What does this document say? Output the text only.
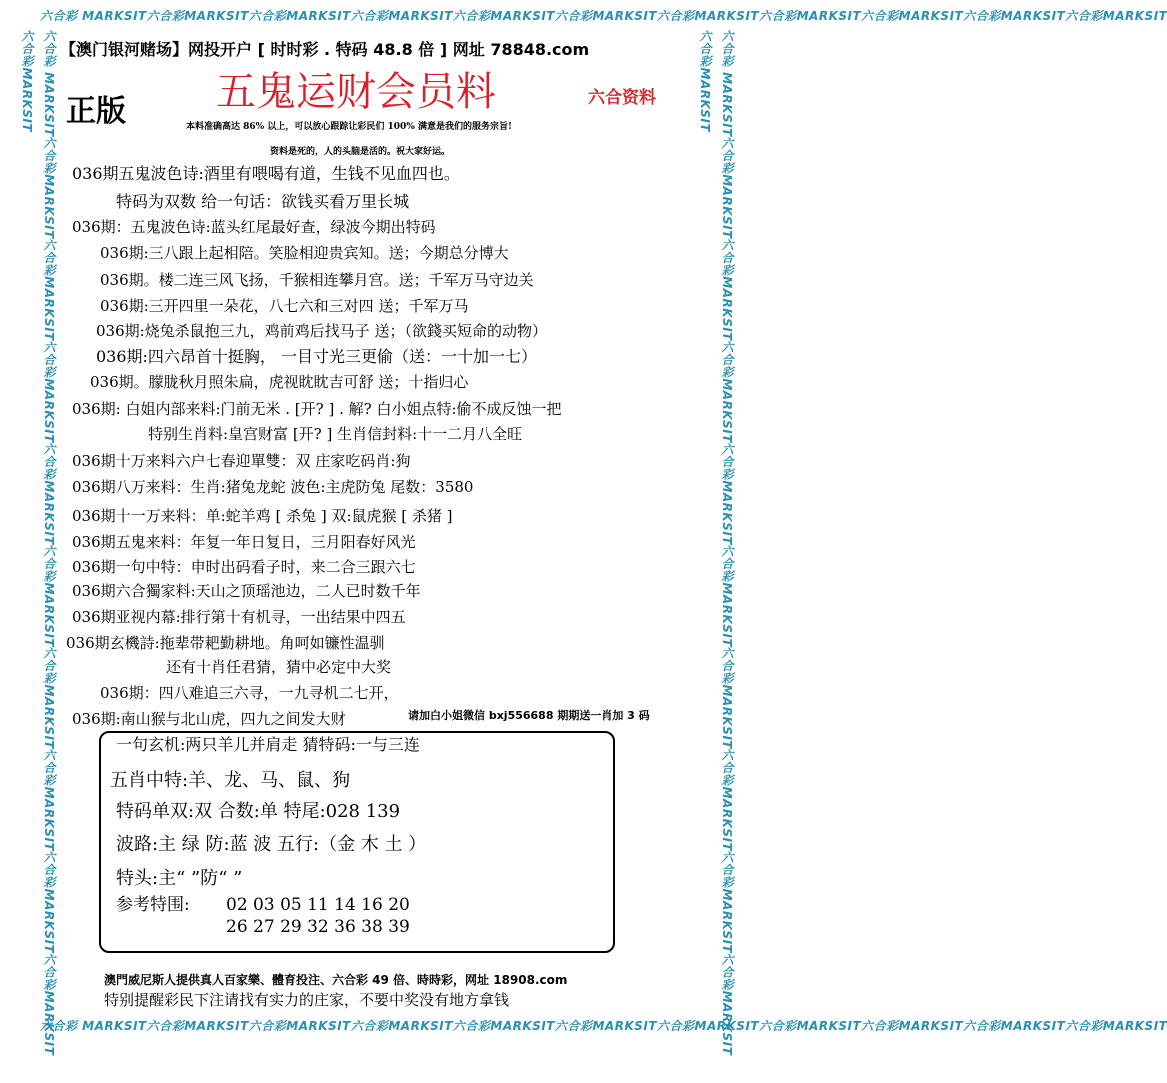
六合彩 MARKSIT六合彩MARKSIT六合彩MARKSIT六合彩MARKSIT六合彩MARKSIT六合彩MARKSIT六合彩MARKSIT六合彩MARKSIT六合彩MARKSIT六合彩MARKSIT六合彩MARKSIT
六合彩 MARKSIT六合彩MARKSIT六合彩MARKSIT六合彩MARKSIT六合彩MARKSIT六合彩MARKSIT六合彩MARKSIT六合彩MARKSIT六合彩MARKSIT六合彩MARKSIT六合彩MARKSIT
六合彩 MARKSIT六合彩MARKSIT六合彩MARKSIT六合彩MARKSIT六合彩MARKSIT六合彩MARKSIT六合彩MARKSIT六合彩MARKSIT六合彩MARKSIT六合彩MARKSIT六合彩MARKSIT	六合彩 MARKSIT六合彩MARKSIT六合彩MARKSIT六合彩MARKSIT六合彩MARKSIT六合彩MARKSIT六合彩MARKSIT六合彩MARKSIT六合彩MARKSIT六合彩MARKSIT六合彩MARKSIT
【澳门银河赌场】网投开户 [ 时时彩 . 特码 48.8 倍 ] 网址 78848.com
五鬼运财会员料	六合资料
正版	本料准确高达 86% 以上，可以放心跟踪让彩民们 100% 满意是我们的服务宗旨!
资料是死的，人的头脑是活的。祝大家好运。
036期五鬼波色诗:酒里有喂喝有道，生钱不见血四也。
特码为双数 给一句话：欲钱买看万里长城
036期：五鬼波色诗:蓝头红尾最好查，绿波今期出特码
036期:三八跟上起相陪。笑脸相迎贵宾知。送；今期总分博大
036期。楼二连三风飞扬，千猴相连攀月宫。送；千军万马守边关
036期:三开四里一朵花，八七六和三对四 送；千军万马
036期:烧兔杀鼠抱三九，鸡前鸡后找马子 送；（欲錢买短命的动物）
036期:四六昂首十挺胸， 一目寸光三更偷（送：一十加一七）
036期。朦胧秋月照朱扁，虎视眈眈吉可舒 送；十指归心
036期: 白姐内部来料:门前无米 . [开? ] . 解? 白小姐点特:偷不成反蚀一把
特别生肖料:皇宫财富 [开? ] 生肖信封料:十一二月八全旺
036期十万来料六户七春迎單雙：双 庄家吃码肖:狗
036期八万来料：生肖:猪兔龙蛇 波色:主虎防兔 尾数：3580
036期十一万来料：单:蛇羊鸡 [ 杀兔 ] 双:鼠虎猴 [ 杀猪 ]
036期五鬼来料：年复一年日复日，三月阳春好风光
036期一句中特：申时出码看子时，来二合三跟六七
036期六合獨家料:天山之顶瑶池边，二人已时数千年
036期亚视内幕:排行第十有机寻，一出结果中四五
036期玄機詩:拖辈带耙勤耕地。角呵如镰性温驯
还有十肖任君猜，猜中必定中大奖
036期：四八难追三六寻，一九寻机二七开，
036期:南山猴与北山虎，四九之间发大财	请加白小姐微信 bxj556688 期期送一肖加 3 码
一句玄机:两只羊儿并肩走 猜特码:一与三连
五肖中特:羊、龙、马、鼠、狗
特码单双:双 合数:单 特尾:028 139
波路:主 绿 防:蓝 波 五行:（金 木 土 ）
特头:主“ ”防“ ”
参考特围: 02 03 05 11 14 16 20
26 27 29 32 36 38 39
澳門威尼斯人提供真人百家樂、體育投注、六合彩 49 倍、時時彩，网址 18908.com
特别提醒彩民下注请找有实力的庄家，不要中奖没有地方拿钱
